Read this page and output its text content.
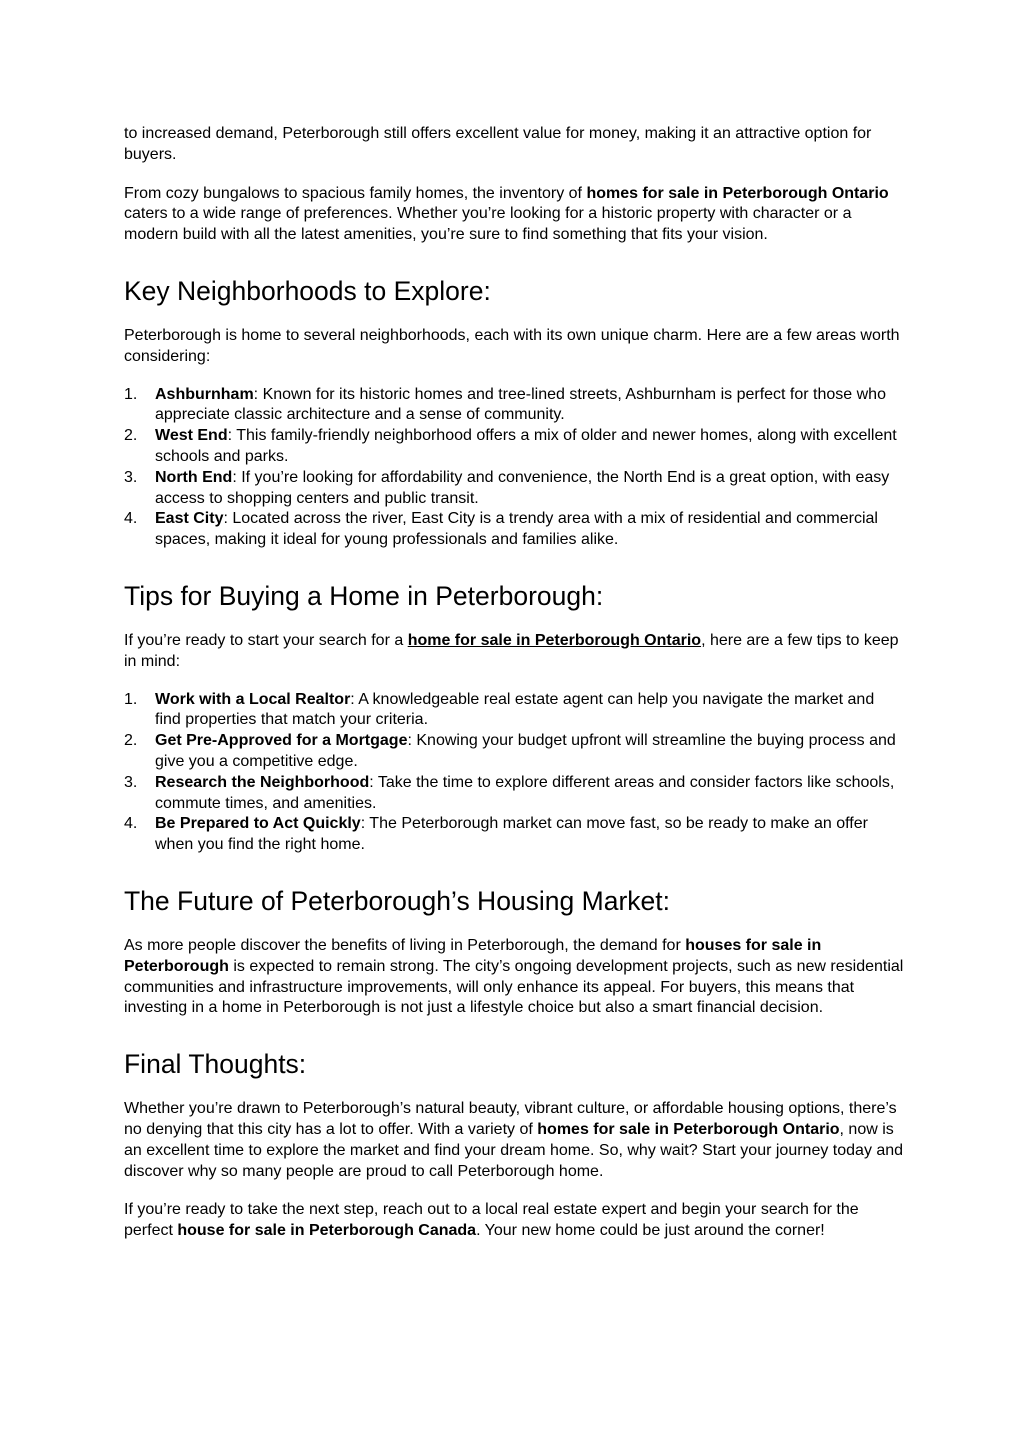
to increased demand, Peterborough still offers excellent value for money, making it an attractive option for buyers.

From cozy bungalows to spacious family homes, the inventory of homes for sale in Peterborough Ontario caters to a wide range of preferences. Whether you’re looking for a historic property with character or a modern build with all the latest amenities, you’re sure to find something that fits your vision.

Key Neighborhoods to Explore:

Peterborough is home to several neighborhoods, each with its own unique charm. Here are a few areas worth considering:

1. Ashburnham: Known for its historic homes and tree-lined streets, Ashburnham is perfect for those who appreciate classic architecture and a sense of community.
2. West End: This family-friendly neighborhood offers a mix of older and newer homes, along with excellent schools and parks.
3. North End: If you’re looking for affordability and convenience, the North End is a great option, with easy access to shopping centers and public transit.
4. East City: Located across the river, East City is a trendy area with a mix of residential and commercial spaces, making it ideal for young professionals and families alike.
Tips for Buying a Home in Peterborough:

If you’re ready to start your search for a home for sale in Peterborough Ontario, here are a few tips to keep in mind:

1. Work with a Local Realtor: A knowledgeable real estate agent can help you navigate the market and find properties that match your criteria.
2. Get Pre-Approved for a Mortgage: Knowing your budget upfront will streamline the buying process and give you a competitive edge.
3. Research the Neighborhood: Take the time to explore different areas and consider factors like schools, commute times, and amenities.
4. Be Prepared to Act Quickly: The Peterborough market can move fast, so be ready to make an offer when you find the right home.
The Future of Peterborough’s Housing Market:

As more people discover the benefits of living in Peterborough, the demand for houses for sale in Peterborough is expected to remain strong. The city’s ongoing development projects, such as new residential communities and infrastructure improvements, will only enhance its appeal. For buyers, this means that investing in a home in Peterborough is not just a lifestyle choice but also a smart financial decision.

Final Thoughts:

Whether you’re drawn to Peterborough’s natural beauty, vibrant culture, or affordable housing options, there’s no denying that this city has a lot to offer. With a variety of homes for sale in Peterborough Ontario, now is an excellent time to explore the market and find your dream home. So, why wait? Start your journey today and discover why so many people are proud to call Peterborough home.

If you’re ready to take the next step, reach out to a local real estate expert and begin your search for the perfect house for sale in Peterborough Canada. Your new home could be just around the corner!
